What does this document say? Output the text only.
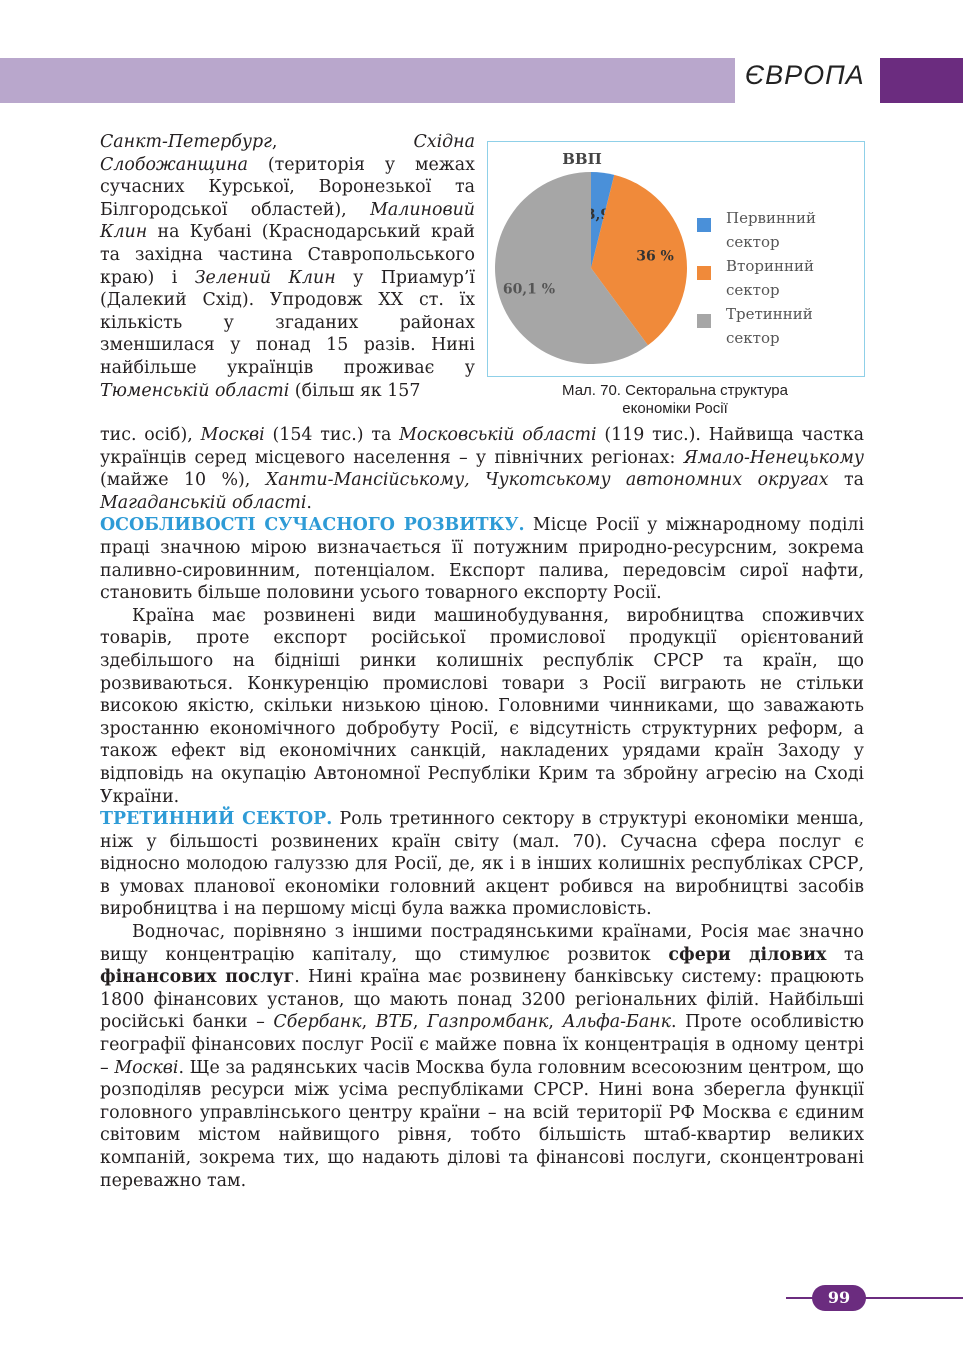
ЄВРОПА

Санкт-Петербург, Східна Слобожанщина (територія у межах сучасних Курської, Воронезької та Білгородської областей), Малиновий Клин на Кубані (Краснодарський край та західна частина Ставропольського краю) і Зелений Клин у Приамур’ї (Далекий Схід). Упродовж ХХ ст. їх кількість у згаданих районах зменшилася у понад 15 разів. Нині найбільше українців проживає у Тюменській області (більш як 157

ВВП
3,9
36 %
60,1 %
Первинний
сектор
Вторинний
сектор
Третинний
сектор
Мал. 70. Секторальна структура
економіки Росії

тис. осіб), Москві (154 тис.) та Московській області (119 тис.). Найвища частка українців серед місцевого населення – у північних регіонах: Ямало-Ненецькому (майже 10 %), Ханти-Мансійському, Чукотському автономних округах та Магаданській області.

ОСОБЛИВОСТІ СУЧАСНОГО РОЗВИТКУ. Місце Росії у міжнародному поділі праці значною мірою визначається її потужним природно-ресурсним, зокрема паливно-сировинним, потенціалом. Експорт палива, передовсім сирої нафти, становить більше половини усього товарного експорту Росії.

Країна має розвинені види машинобудування, виробництва споживчих товарів, проте експорт російської промислової продукції орієнтований здебільшого на бідніші ринки колишніх республік СРСР та країн, що розвиваються. Конкуренцію промислові товари з Росії виграють не стільки високою якістю, скільки низькою ціною. Головними чинниками, що заважають зростанню економічного добробуту Росії, є відсутність структурних реформ, а також ефект від економічних санкцій, накладених урядами країн Заходу у відповідь на окупацію Автономної Республіки Крим та збройну агресію на Сході України.

ТРЕТИННИЙ СЕКТОР. Роль третинного сектору в структурі економіки менша, ніж у більшості розвинених країн світу (мал. 70). Сучасна сфера послуг є відносно молодою галуззю для Росії, де, як і в інших колишніх республіках СРСР, в умовах планової економіки головний акцент робився на виробництві засобів виробництва і на першому місці була важка промисловість.

Водночас, порівняно з іншими пострадянськими країнами, Росія має значно вищу концентрацію капіталу, що стимулює розвиток сфери ділових та фінансових послуг. Нині країна має розвинену банківську систему: працюють 1800 фінансових установ, що мають понад 3200 регіональних філій. Найбільші російські банки – Сбербанк, ВТБ, Газпромбанк, Альфа-Банк. Проте особливістю географії фінансових послуг Росії є майже повна їх концентрація в одному центрі – Москві. Ще за радянських часів Москва була головним всесоюзним центром, що розподіляв ресурси між усіма республіками СРСР. Нині вона зберегла функції головного управлінського центру країни – на всій території РФ Москва є єдиним світовим містом найвищого рівня, тобто більшість штаб-квартир великих компаній, зокрема тих, що надають ділові та фінансові послуги, сконцентровані переважно там.

99
